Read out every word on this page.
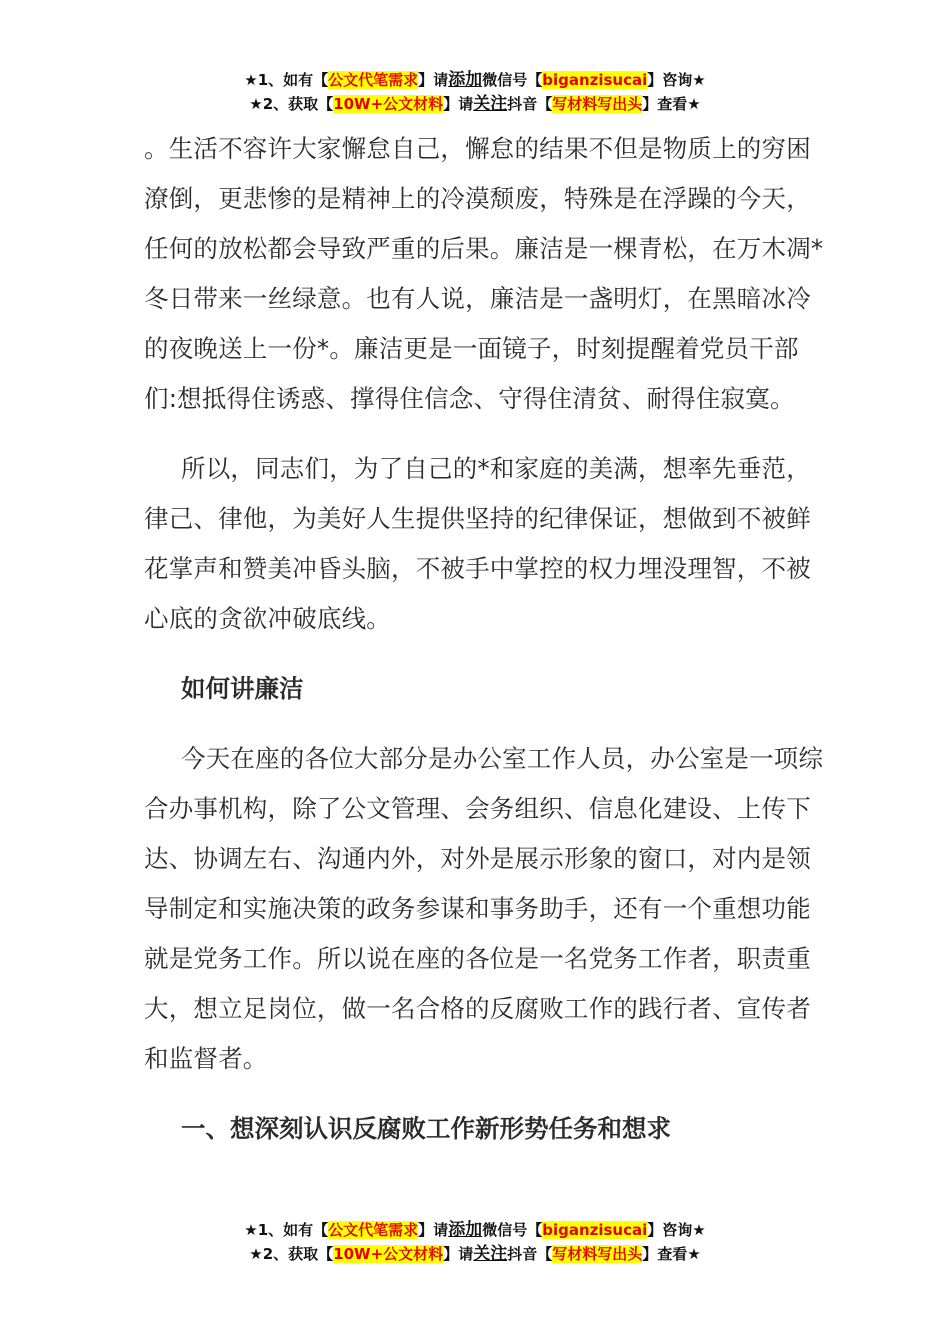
★1、如有【公文代笔需求】请添加微信号【biganzisucai】咨询★
★2、获取【10W+公文材料】请关注抖音【写材料写出头】查看★

。生活不容许大家懈怠自己，懈怠的结果不但是物质上的穷困潦倒，更悲惨的是精神上的冷漠颓废，特殊是在浮躁的今天，任何的放松都会导致严重的后果。廉洁是一棵青松，在万木凋*冬日带来一丝绿意。也有人说，廉洁是一盏明灯，在黑暗冰冷的夜晚送上一份*。廉洁更是一面镜子，时刻提醒着党员干部们:想抵得住诱惑、撑得住信念、守得住清贫、耐得住寂寞。

所以，同志们，为了自己的*和家庭的美满，想率先垂范，律己、律他，为美好人生提供坚持的纪律保证，想做到不被鲜花掌声和赞美冲昏头脑，不被手中掌控的权力埋没理智，不被心底的贪欲冲破底线。

如何讲廉洁

今天在座的各位大部分是办公室工作人员，办公室是一项综合办事机构，除了公文管理、会务组织、信息化建设、上传下达、协调左右、沟通内外，对外是展示形象的窗口，对内是领导制定和实施决策的政务参谋和事务助手，还有一个重想功能就是党务工作。所以说在座的各位是一名党务工作者，职责重大，想立足岗位，做一名合格的反腐败工作的践行者、宣传者和监督者。

一、想深刻认识反腐败工作新形势任务和想求

★1、如有【公文代笔需求】请添加微信号【biganzisucai】咨询★
★2、获取【10W+公文材料】请关注抖音【写材料写出头】查看★
